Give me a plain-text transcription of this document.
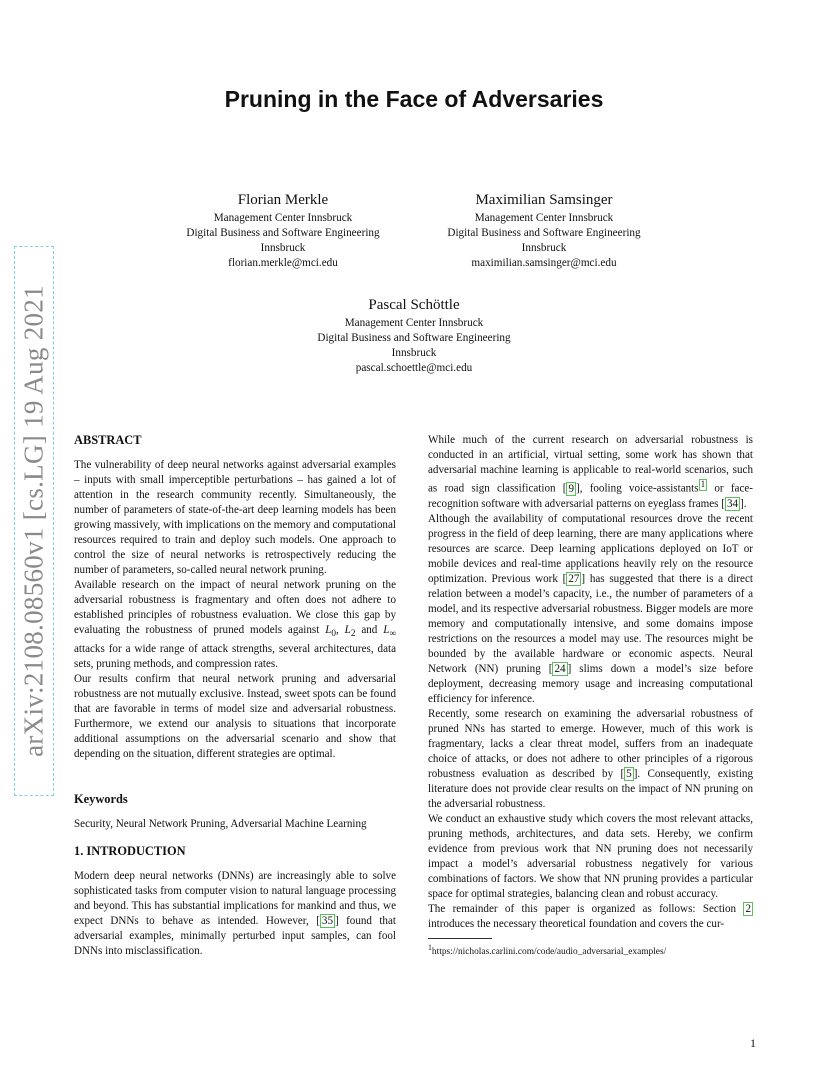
arXiv:2108.08560v1 [cs.LG] 19 Aug 2021
Pruning in the Face of Adversaries
Florian Merkle
Management Center Innsbruck
Digital Business and Software Engineering
Innsbruck
florian.merkle@mci.edu
Maximilian Samsinger
Management Center Innsbruck
Digital Business and Software Engineering
Innsbruck
maximilian.samsinger@mci.edu
Pascal Schöttle
Management Center Innsbruck
Digital Business and Software Engineering
Innsbruck
pascal.schoettle@mci.edu
ABSTRACT

The vulnerability of deep neural networks against adversarial examples – inputs with small imperceptible perturbations – has gained a lot of attention in the research community recently. Simultaneously, the number of parameters of state-of-the-art deep learning models has been growing massively, with implications on the memory and computational resources required to train and deploy such models. One approach to control the size of neural networks is retrospectively reducing the number of parameters, so-called neural network pruning.

Available research on the impact of neural network pruning on the adversarial robustness is fragmentary and often does not adhere to established principles of robustness evaluation. We close this gap by evaluating the robustness of pruned models against $L_0$, $L_2$ and $L_\infty$ attacks for a wide range of attack strengths, several architectures, data sets, pruning methods, and compression rates.

Our results confirm that neural network pruning and adversarial robustness are not mutually exclusive. Instead, sweet spots can be found that are favorable in terms of model size and adversarial robustness. Furthermore, we extend our analysis to situations that incorporate additional assumptions on the adversarial scenario and show that depending on the situation, different strategies are optimal.

Keywords

Security, Neural Network Pruning, Adversarial Machine Learning

1. INTRODUCTION

Modern deep neural networks (DNNs) are increasingly able to solve sophisticated tasks from computer vision to natural language processing and beyond. This has substantial implications for mankind and thus, we expect DNNs to behave as intended. However, [ 35 ] found that adversarial examples, minimally perturbed input samples, can fool DNNs into misclassification.

While much of the current research on adversarial robustness is conducted in an artificial, virtual setting, some work has shown that adversarial machine learning is applicable to real-world scenarios, such as road sign classification [ 9 ], fooling voice-assistants $^1$ or face-recognition software with adversarial patterns on eyeglass frames [ 34 ].

Although the availability of computational resources drove the recent progress in the field of deep learning, there are many applications where resources are scarce. Deep learning applications deployed on IoT or mobile devices and real-time applications heavily rely on the resource optimization. Previous work [ 27 ] has suggested that there is a direct relation between a model’s capacity, i.e., the number of parameters of a model, and its respective adversarial robustness. Bigger models are more memory and computationally intensive, and some domains impose restrictions on the resources a model may use. The resources might be bounded by the available hardware or economic aspects. Neural Network (NN) pruning [ 24 ] slims down a model’s size before deployment, decreasing memory usage and increasing computational efficiency for inference.

Recently, some research on examining the adversarial robustness of pruned NNs has started to emerge. However, much of this work is fragmentary, lacks a clear threat model, suffers from an inadequate choice of attacks, or does not adhere to other principles of a rigorous robustness evaluation as described by [ 5 ]. Consequently, existing literature does not provide clear results on the impact of NN pruning on the adversarial robustness.

We conduct an exhaustive study which covers the most relevant attacks, pruning methods, architectures, and data sets. Hereby, we confirm evidence from previous work that NN pruning does not necessarily impact a model’s adversarial robustness negatively for various combinations of factors. We show that NN pruning provides a particular space for optimal strategies, balancing clean and robust accuracy.

The remainder of this paper is organized as follows: Section 2 introduces the necessary theoretical foundation and covers the cur-

$^1$https://nicholas.carlini.com/code/audio_adversarial_examples/
1
